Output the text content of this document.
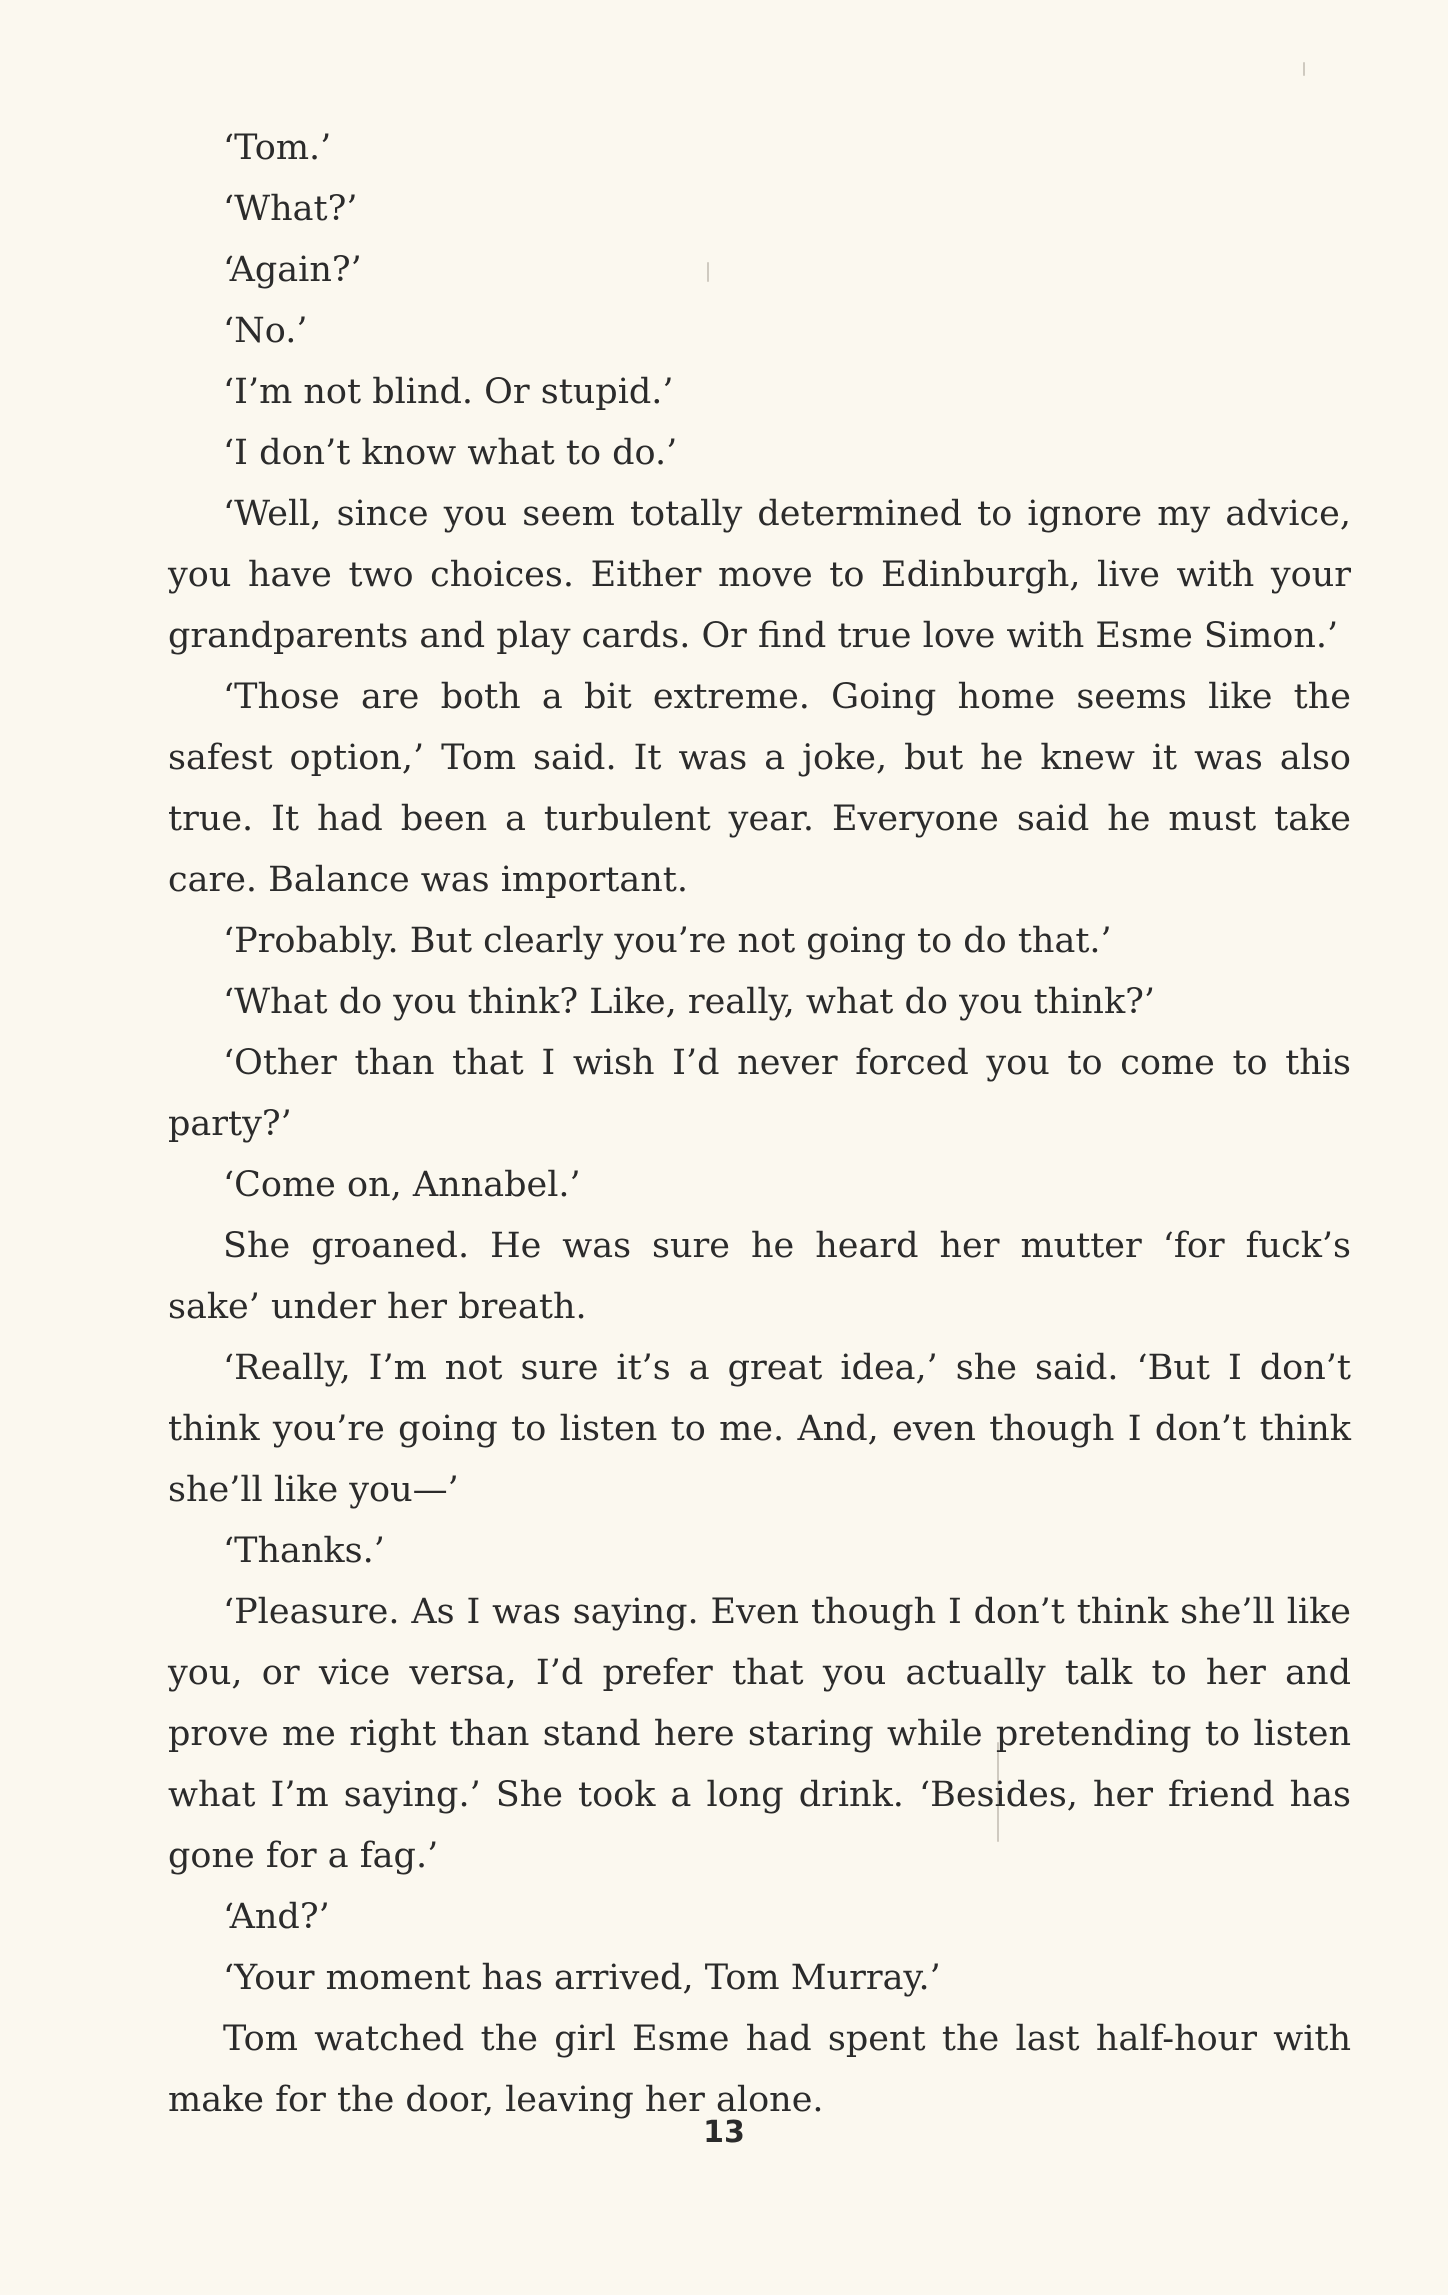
‘Tom.’

‘What?’

‘Again?’

‘No.’

‘I’m not blind. Or stupid.’

‘I don’t know what to do.’

‘Well, since you seem totally determined to ignore my advice, you have two choices. Either move to Edinburgh, live with your grandparents and play cards. Or find true love with Esme Simon.’

‘Those are both a bit extreme. Going home seems like the safest option,’ Tom said. It was a joke, but he knew it was also true. It had been a turbulent year. Everyone said he must take care. Balance was important.

‘Probably. But clearly you’re not going to do that.’

‘What do you think? Like, really, what do you think?’

‘Other than that I wish I’d never forced you to come to this party?’

‘Come on, Annabel.’

She groaned. He was sure he heard her mutter ‘for fuck’s sake’ under her breath.

‘Really, I’m not sure it’s a great idea,’ she said. ‘But I don’t think you’re going to listen to me. And, even though I don’t think she’ll like you—’

‘Thanks.’

‘Pleasure. As I was saying. Even though I don’t think she’ll like you, or vice versa, I’d prefer that you actually talk to her and prove me right than stand here staring while pretending to listen what I’m saying.’ She took a long drink. ‘Besides, her friend has gone for a fag.’

‘And?’

‘Your moment has arrived, Tom Murray.’

Tom watched the girl Esme had spent the last half-hour with make for the door, leaving her alone.

13
